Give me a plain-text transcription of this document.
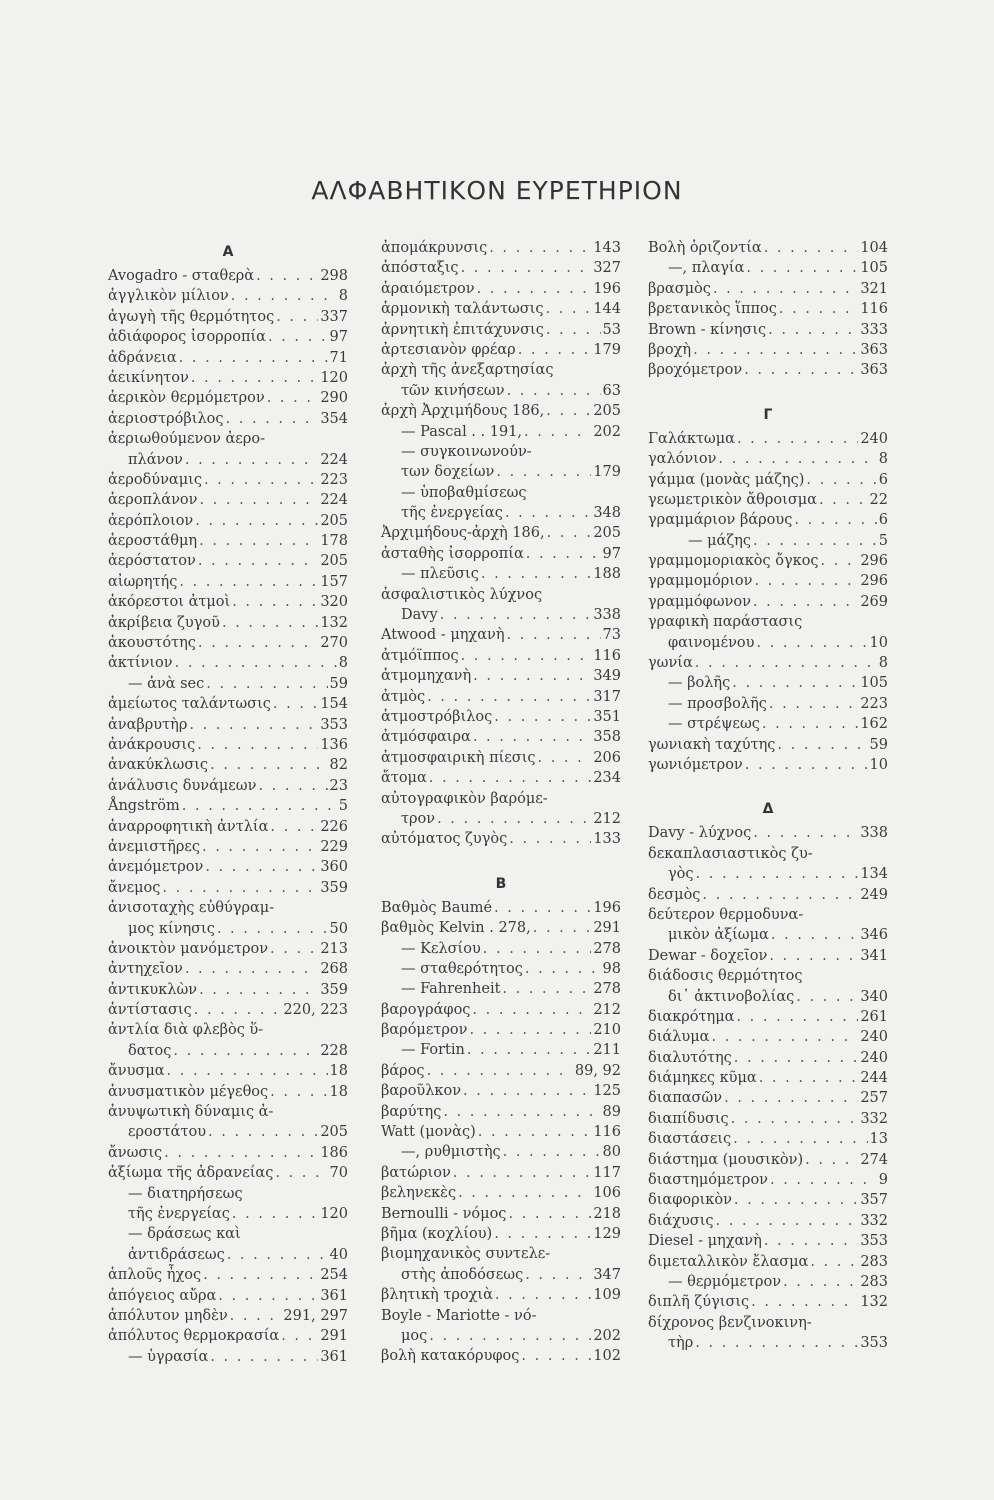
ΑΛΦΑΒΗΤΙΚΟΝ ΕΥΡΕΤΗΡΙΟΝ
Α
Avogadro - σταθερὰ . . .	298
ἀγγλικὸν μίλιον . . .	8
ἀγωγὴ τῆς θερμότητος . . .	337
ἀδιάφορος ἰσορροπία . . .	97
ἀδράνεια . . .	71
ἀεικίνητον . . .	120
ἀερικὸν θερμόμετρον . . .	290
ἀεριοστρόβιλος . . .	354
ἀεριωθούμενον ἀερο-
πλάνον . . .	224
ἀεροδύναμις . . .	223
ἀεροπλάνον . . .	224
ἀερόπλοιον . . .	205
ἀεροστάθμη . . .	178
ἀερόστατον . . .	205
αἰωρητής . . .	157
ἀκόρεστοι ἀτμοὶ . . .	320
ἀκρίβεια ζυγοῦ . . .	132
ἀκουστότης . . .	270
ἀκτίνιον . . .	8
— ἀνὰ sec . . .	59
ἀμείωτος ταλάντωσις . . .	154
ἀναβρυτὴρ . . .	353
ἀνάκρουσις . . .	136
ἀνακύκλωσις . . .	82
ἀνάλυσις δυνάμεων . . .	23
Ångström . . .	5
ἀναρροφητικὴ ἀντλία . . .	226
ἀνεμιστῆρες . . .	229
ἀνεμόμετρον . . .	360
ἄνεμος . . .	359
ἀνισοταχὴς εὐθύγραμ-
μος κίνησις . . .	50
ἀνοικτὸν μανόμετρον . . .	213
ἀντηχεῖον . . .	268
ἀντικυκλὼν . . .	359
ἀντίστασις . . .	220, 223
ἀντλία διὰ φλεβὸς ὕ-
δατος . . .	228
ἄνυσμα . . .	18
ἀνυσματικὸν μέγεθος . . .	18
ἀνυψωτικὴ δύναμις ἀ-
εροστάτου . . .	205
ἄνωσις . . .	186
ἀξίωμα τῆς ἀδρανείας . . .	70
— διατηρήσεως
τῆς ἐνεργείας . . .	120
— δράσεως καὶ
ἀντιδράσεως . . .	40
ἁπλοῦς ἦχος . . .	254
ἀπόγειος αὔρα . . .	361
ἀπόλυτον μηδὲν . . .	291, 297
ἀπόλυτος θερμοκρασία . . .	291
— ὑγρασία . . .	361
ἀπομάκρυνσις . . .	143
ἀπόσταξις . . .	327
ἀραιόμετρον . . .	196
ἁρμονικὴ ταλάντωσις . . .	144
ἀρνητικὴ ἐπιτάχυνσις . . .	53
ἀρτεσιανὸν φρέαρ . . .	179
ἀρχὴ τῆς ἀνεξαρτησίας
τῶν κινήσεων . . .	63
ἀρχὴ Ἀρχιμήδους 186, . . .	205
— Pascal . . 191, . . .	202
— συγκοινωνούν-
των δοχείων . . .	179
— ὑποβαθμίσεως
τῆς ἐνεργείας . . .	348
Ἀρχιμήδους-ἀρχὴ 186, . . .	205
ἀσταθὴς ἰσορροπία . . .	97
— πλεῦσις . . .	188
ἀσφαλιστικὸς λύχνος
Davy . . .	338
Atwood - μηχανὴ . . .	73
ἀτμόϊππος . . .	116
ἀτμομηχανὴ . . .	349
ἀτμὸς . . .	317
ἀτμοστρόβιλος . . .	351
ἀτμόσφαιρα . . .	358
ἀτμοσφαιρικὴ πίεσις . . .	206
ἄτομα . . .	234
αὐτογραφικὸν βαρόμε-
τρον . . .	212
αὐτόματος ζυγὸς . . .	133
Β
Βαθμὸς Baumé . . .	196
βαθμὸς Kelvin . 278, . . .	291
— Κελσίου . . .	278
— σταθερότητος . . .	98
— Fahrenheit . . .	278
βαρογράφος . . .	212
βαρόμετρον . . .	210
— Fortin . . .	211
βάρος . . .	89, 92
βαροῦλκον . . .	125
βαρύτης . . .	89
Watt (μονὰς) . . .	116
—, ρυθμιστὴς . . .	80
βατώριον . . .	117
βεληνεκὲς . . .	106
Bernoulli - νόμος . . .	218
βῆμα (κοχλίου) . . .	129
βιομηχανικὸς συντελε-
στὴς ἀποδόσεως . . .	347
βλητικὴ τροχιὰ . . .	109
Boyle - Mariotte - νό-
μος . . .	202
βολὴ κατακόρυφος . . .	102
Βολὴ ὁριζοντία . . .	104
—, πλαγία . . .	105
βρασμὸς . . .	321
βρετανικὸς ἵππος . . .	116
Brown - κίνησις . . .	333
βροχὴ . . .	363
βροχόμετρον . . .	363
Γ
Γαλάκτωμα . . .	240
γαλόνιον . . .	8
γάμμα (μονὰς μάζης) . . .	6
γεωμετρικὸν ἄθροισμα . . .	22
γραμμάριον βάρους . . .	6
— μάζης . . .	5
γραμμομοριακὸς ὄγκος . . .	296
γραμμομόριον . . .	296
γραμμόφωνον . . .	269
γραφικὴ παράστασις
φαινομένου . . .	10
γωνία . . .	8
— βολῆς . . .	105
— προσβολῆς . . .	223
— στρέψεως . . .	162
γωνιακὴ ταχύτης . . .	59
γωνιόμετρον . . .	10
Δ
Davy - λύχνος . . .	338
δεκαπλασιαστικὸς ζυ-
γὸς . . .	134
δεσμὸς . . .	249
δεύτερον θερμοδυνα-
μικὸν ἀξίωμα . . .	346
Dewar - δοχεῖον . . .	341
διάδοσις θερμότητος
δι᾿ ἀκτινοβολίας . . .	340
διακρότημα . . .	261
διάλυμα . . .	240
διαλυτότης . . .	240
διάμηκες κῦμα . . .	244
διαπασῶν . . .	257
διαπίδυσις . . .	332
διαστάσεις . . .	13
διάστημα (μουσικὸν) . . .	274
διαστημόμετρον . . .	9
διαφορικὸν . . .	357
διάχυσις . . .	332
Diesel - μηχανὴ . . .	353
διμεταλλικὸν ἔλασμα . . .	283
— θερμόμετρον . . .	283
διπλῆ ζύγισις . . .	132
δίχρονος βενζινοκινη-
τὴρ . . .	353
